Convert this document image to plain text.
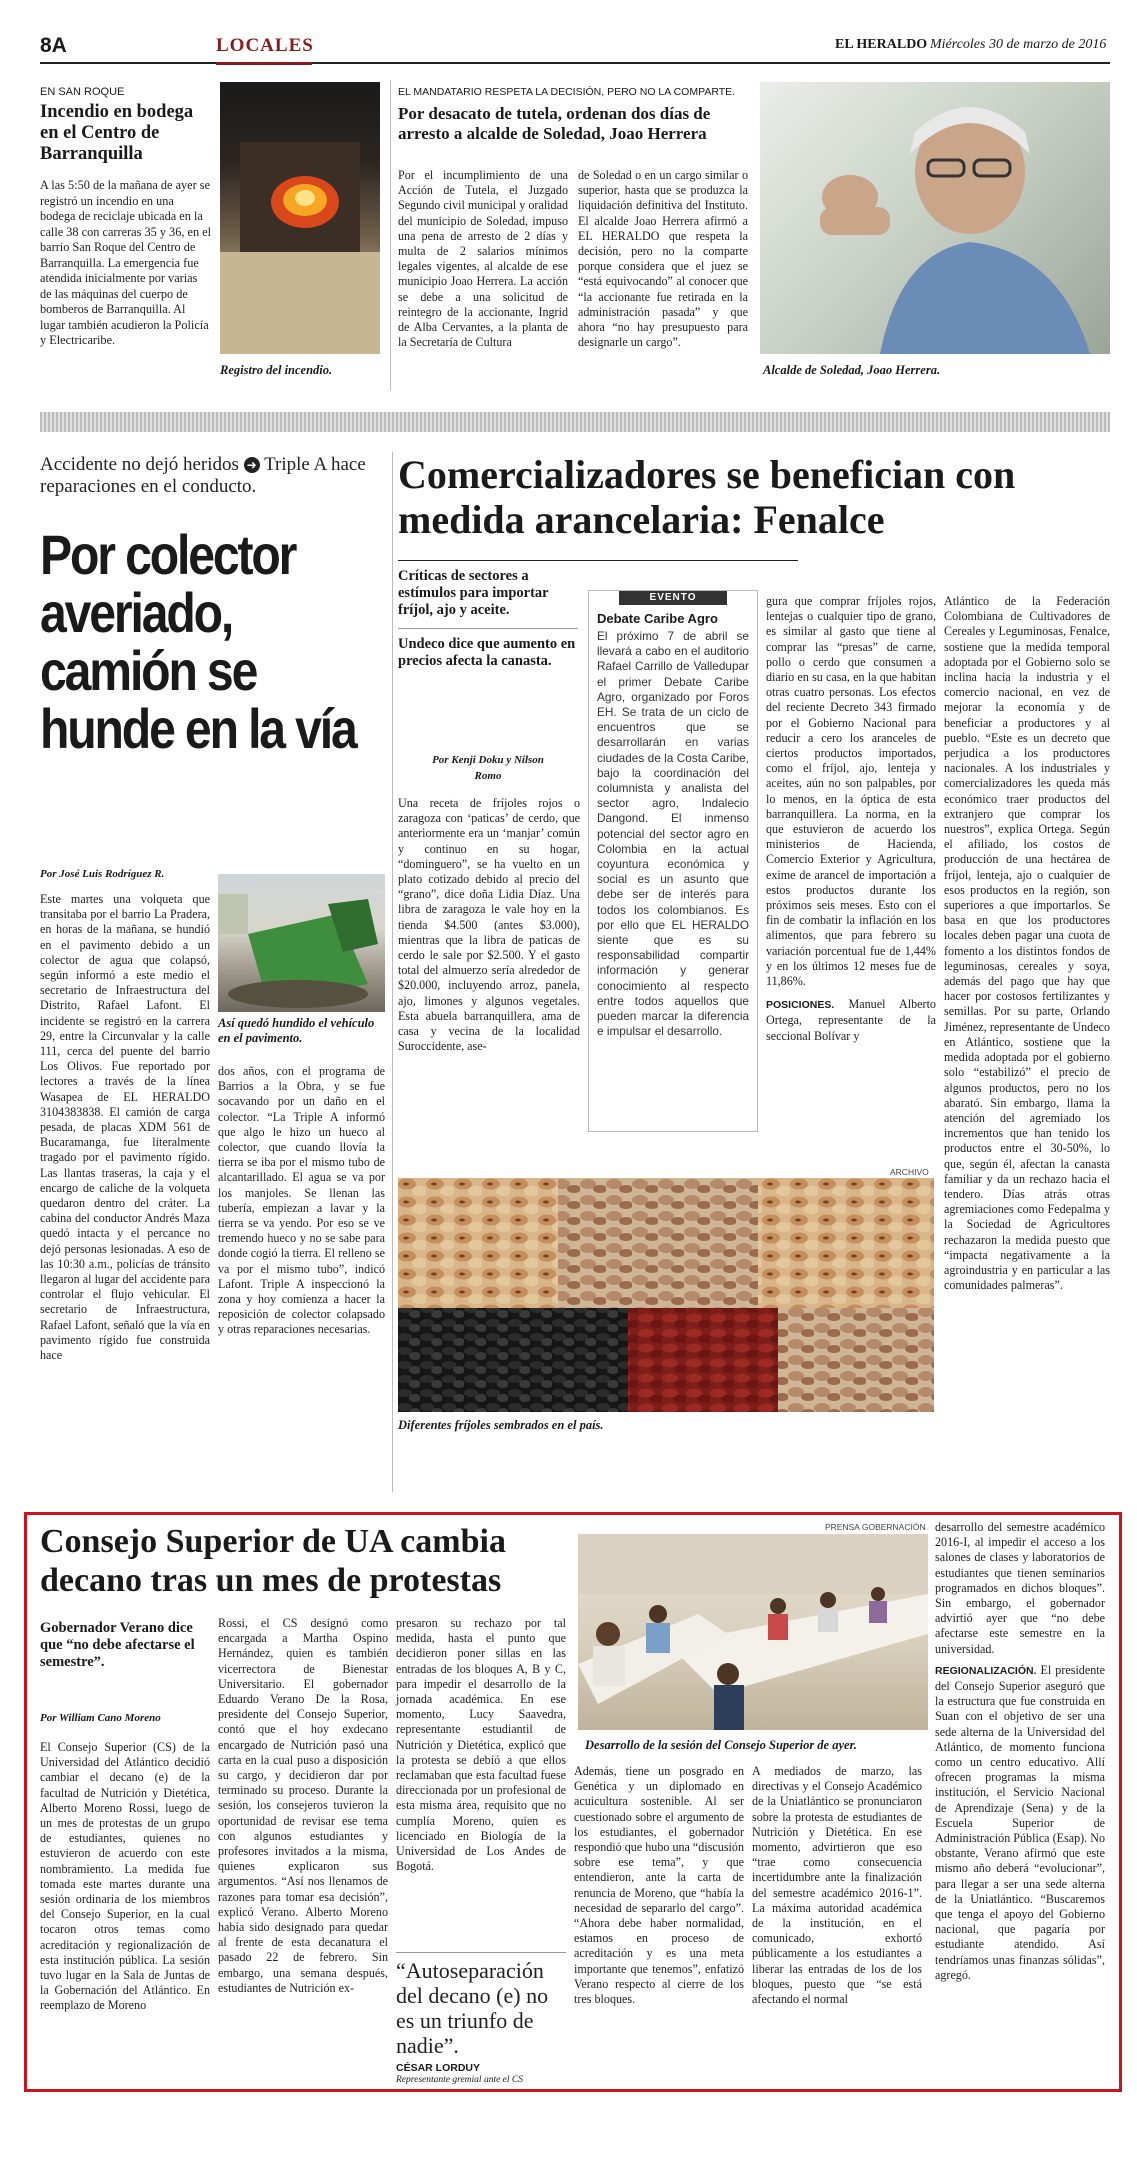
8A	LOCALES	EL HERALDO Miércoles 30 de marzo de 2016
EN SAN ROQUE
Incendio en bodega en el Centro de Barranquilla
A las 5:50 de la mañana de ayer se registró un incendio en una bodega de reciclaje ubicada en la calle 38 con carreras 35 y 36, en el barrio San Roque del Centro de Barranquilla. La emergencia fue atendida inicialmente por varias de las máquinas del cuerpo de bomberos de Barranquilla. Al lugar también acudieron la Policía y Electricaribe.
Registro del incendio.
EL MANDATARIO RESPETA LA DECISIÓN, PERO NO LA COMPARTE.
Por desacato de tutela, ordenan dos días de arresto a alcalde de Soledad, Joao Herrera
Por el incumplimiento de una Acción de Tutela, el Juzgado Segundo civil municipal y oralidad del municipio de Soledad, impuso una pena de arresto de 2 días y multa de 2 salarios mínimos legales vigentes, al alcalde de ese municipio Joao Herrera. La acción se debe a una solicitud de reintegro de la accionante, Ingrid de Alba Cervantes, a la planta de la Secretaría de Cultura
de Soledad o en un cargo similar o superior, hasta que se produzca la liquidación definitiva del Instituto. El alcalde Joao Herrera afirmó a EL HERALDO que respeta la decisión, pero no la comparte porque considera que el juez se “está equivocando” al conocer que “la accionante fue retirada en la administración pasada” y que ahora “no hay presupuesto para designarle un cargo”.
Alcalde de Soledad, Joao Herrera.
Accidente no dejó heridos ➜ Triple A hace reparaciones en el conducto.
Por colector averiado, camión se hunde en la vía
Por José Luis Rodríguez R.
Este martes una volqueta que transitaba por el barrio La Pradera, en horas de la mañana, se hundió en el pavimento debido a un colector de agua que colapsó, según informó a este medio el secretario de Infraestructura del Distrito, Rafael Lafont. El incidente se registró en la carrera 29, entre la Circunvalar y la calle 111, cerca del puente del barrio Los Olivos. Fue reportado por lectores a través de la línea Wasapea de EL HERALDO 3104383838. El camión de carga pesada, de placas XDM 561 de Bucaramanga, fue literalmente tragado por el pavimento rígido. Las llantas traseras, la caja y el encargo de caliche de la volqueta quedaron dentro del cráter. La cabina del conductor Andrés Maza quedó intacta y el percance no dejó personas lesionadas. A eso de las 10:30 a.m., policías de tránsito llegaron al lugar del accidente para controlar el flujo vehicular. El secretario de Infraestructura, Rafael Lafont, señaló que la vía en pavimento rígido fue construida hace
Así quedó hundido el vehículo en el pavimento.
dos años, con el programa de Barrios a la Obra, y se fue socavando por un daño en el colector. “La Triple A informó que algo le hizo un hueco al colector, que cuando llovía la tierra se iba por el mismo tubo de alcantarillado. El agua se va por los manjoles. Se llenan las tubería, empiezan a lavar y la tierra se va yendo. Por eso se ve tremendo hueco y no se sabe para donde cogió la tierra. El relleno se va por el mismo tubo”, indicó Lafont. Triple A inspeccionó la zona y hoy comienza a hacer la reposición de colector colapsado y otras reparaciones necesarias.
Comercializadores se benefician con medida arancelaria: Fenalce
Críticas de sectores a estímulos para importar fríjol, ajo y aceite.
Undeco dice que aumento en precios afecta la canasta.
Por Kenji Doku y Nilson Romo
Una receta de fríjoles rojos o zaragoza con ‘paticas’ de cerdo, que anteriormente era un ‘manjar’ común y continuo en su hogar, “dominguero”, se ha vuelto en un plato cotizado debido al precio del “grano”, dice doña Lidia Díaz. Una libra de zaragoza le vale hoy en la tienda $4.500 (antes $3.000), mientras que la libra de paticas de cerdo le sale por $2.500. Y el gasto total del almuerzo sería alrededor de $20.000, incluyendo arroz, panela, ajo, limones y algunos vegetales. Esta abuela barranquillera, ama de casa y vecina de la localidad Suroccidente, ase-
EVENTO
Debate Caribe Agro
El próximo 7 de abril se llevará a cabo en el auditorio Rafael Carrillo de Valledupar el primer Debate Caribe Agro, organizado por Foros EH. Se trata de un ciclo de encuentros que se desarrollarán en varias ciudades de la Costa Caribe, bajo la coordinación del columnista y analista del sector agro, Indalecio Dangond. El inmenso potencial del sector agro en Colombia en la actual coyuntura económica y social es un asunto que debe ser de interés para todos los colombianos. Es por ello que EL HERALDO siente que es su responsabilidad compartir información y generar conocimiento al respecto entre todos aquellos que pueden marcar la diferencia e impulsar el desarrollo.
gura que comprar fríjoles rojos, lentejas o cualquier tipo de grano, es similar al gasto que tiene al comprar las “presas” de carne, pollo o cerdo que consumen a diario en su casa, en la que habitan otras cuatro personas. Los efectos del reciente Decreto 343 firmado por el Gobierno Nacional para reducir a cero los aranceles de ciertos productos importados, como el fríjol, ajo, lenteja y aceites, aún no son palpables, por lo menos, en la óptica de esta barranquillera. La norma, en la que estuvieron de acuerdo los ministerios de Hacienda, Comercio Exterior y Agricultura, exime de arancel de importación a estos productos durante los próximos seis meses. Esto con el fin de combatir la inflación en los alimentos, que para febrero su variación porcentual fue de 1,44% y en los últimos 12 meses fue de 11,86%.
POSICIONES. Manuel Alberto Ortega, representante de la seccional Bolívar y
Atlántico de la Federación Colombiana de Cultivadores de Cereales y Leguminosas, Fenalce, sostiene que la medida temporal adoptada por el Gobierno solo se inclina hacia la industria y el comercio nacional, en vez de mejorar la economía y de beneficiar a productores y al pueblo. “Este es un decreto que perjudica a los productores nacionales. A los industriales y comercializadores les queda más económico traer productos del extranjero que comprar los nuestros”, explica Ortega. Según el afiliado, los costos de producción de una hectárea de fríjol, lenteja, ajo o cualquier de esos productos en la región, son superiores a que importarlos. Se basa en que los productores locales deben pagar una cuota de fomento a los distintos fondos de leguminosas, cereales y soya, además del pago que hay que hacer por costosos fertilizantes y semillas. Por su parte, Orlando Jiménez, representante de Undeco en Atlántico, sostiene que la medida adoptada por el gobierno solo “estabilizó” el precio de algunos productos, pero no los abarató. Sin embargo, llama la atención del agremiado los incrementos que han tenido los productos entre el 30-50%, lo que, según él, afectan la canasta familiar y da un rechazo hacia el tendero. Días atrás otras agremiaciones como Fedepalma y la Sociedad de Agricultores rechazaron la medida puesto que “impacta negativamente a la agroindustria y en particular a las comunidades palmeras”.
ARCHIVO
Diferentes fríjoles sembrados en el país.
Consejo Superior de UA cambia decano tras un mes de protestas
Gobernador Verano dice que “no debe afectarse el semestre”.
Por William Cano Moreno
El Consejo Superior (CS) de la Universidad del Atlántico decidió cambiar el decano (e) de la facultad de Nutrición y Dietética, Alberto Moreno Rossi, luego de un mes de protestas de un grupo de estudiantes, quienes no estuvieron de acuerdo con este nombramiento. La medida fue tomada este martes durante una sesión ordinaria de los miembros del Consejo Superior, en la cual tocaron otros temas como acreditación y regionalización de esta institución pública. La sesión tuvo lugar en la Sala de Juntas de la Gobernación del Atlántico. En reemplazo de Moreno
Rossi, el CS designó como encargada a Martha Ospino Hernández, quien es también vicerrectora de Bienestar Universitario. El gobernador Eduardo Verano De la Rosa, presidente del Consejo Superior, contó que el hoy exdecano encargado de Nutrición pasó una carta en la cual puso a disposición su cargo, y decidieron dar por terminado su proceso. Durante la sesión, los consejeros tuvieron la oportunidad de revisar ese tema con algunos estudiantes y profesores invitados a la misma, quienes explicaron sus argumentos. “Así nos llenamos de razones para tomar esa decisión”, explicó Verano. Alberto Moreno había sido designado para quedar al frente de esta decanatura el pasado 22 de febrero. Sin embargo, una semana después, estudiantes de Nutrición ex-
presaron su rechazo por tal medida, hasta el punto que decidieron poner sillas en las entradas de los bloques A, B y C, para impedir el desarrollo de la jornada académica. En ese momento, Lucy Saavedra, representante estudiantil de Nutrición y Dietética, explicó que la protesta se debió a que ellos reclamaban que esta facultad fuese direccionada por un profesional de esta misma área, requisito que no cumplía Moreno, quien es licenciado en Biología de la Universidad de Los Andes de Bogotá.
“Autoseparación del decano (e) no es un triunfo de nadie”.
CÉSAR LORDUY
Representante gremial ante el CS
PRENSA GOBERNACIÓN
Desarrollo de la sesión del Consejo Superior de ayer.
Además, tiene un posgrado en Genética y un diplomado en acuicultura sostenible. Al ser cuestionado sobre el argumento de los estudiantes, el gobernador respondió que hubo una “discusión sobre ese tema”, y que entendieron, ante la carta de renuncia de Moreno, que “había la necesidad de separarlo del cargo”. “Ahora debe haber normalidad, estamos en proceso de acreditación y es una meta importante que tenemos”, enfatizó Verano respecto al cierre de los tres bloques.
A mediados de marzo, las directivas y el Consejo Académico de la Uniatlántico se pronunciaron sobre la protesta de estudiantes de Nutrición y Dietética. En ese momento, advirtieron que eso “trae como consecuencia incertidumbre ante la finalización del semestre académico 2016-1”. La máxima autoridad académica de la institución, en el comunicado, exhortó públicamente a los estudiantes a liberar las entradas de los de los bloques, puesto que “se está afectando el normal
desarrollo del semestre académico 2016-I, al impedir el acceso a los salones de clases y laboratorios de estudiantes que tienen seminarios programados en dichos bloques”. Sin embargo, el gobernador advirtió ayer que “no debe afectarse este semestre en la universidad.
REGIONALIZACIÓN. El presidente del Consejo Superior aseguró que la estructura que fue construida en Suan con el objetivo de ser una sede alterna de la Universidad del Atlántico, de momento funciona como un centro educativo. Allí ofrecen programas la misma institución, el Servicio Nacional de Aprendizaje (Sena) y de la Escuela Superior de Administración Pública (Esap). No obstante, Verano afirmó que este mismo año deberá “evolucionar”, para llegar a ser una sede alterna de la Uniatlántico. “Buscaremos que tenga el apoyo del Gobierno nacional, que pagaría por estudiante atendido. Así tendríamos unas finanzas sólidas”, agregó.
